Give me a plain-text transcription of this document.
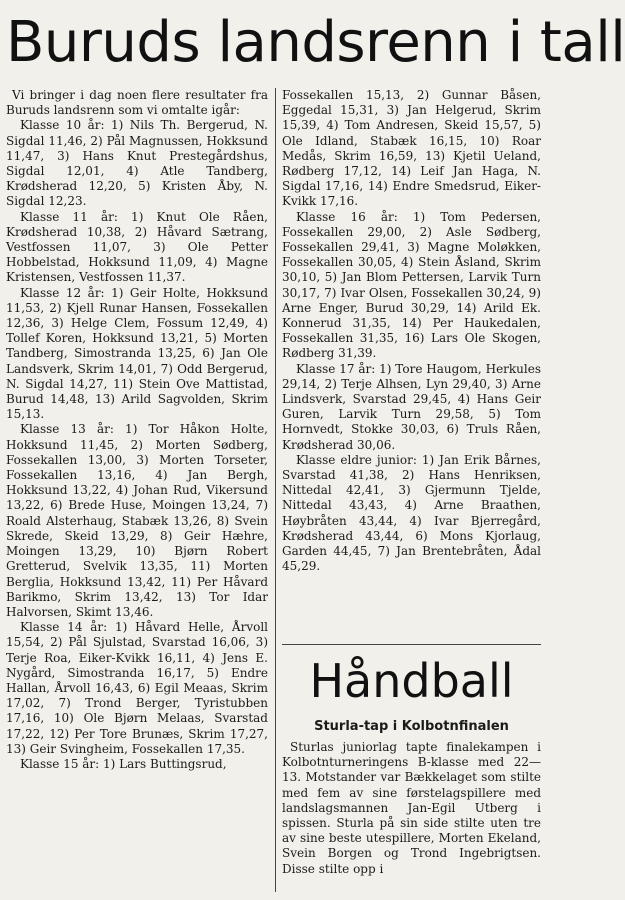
Buruds landsrenn i tall

Vi bringer i dag noen flere resultater fra Buruds landsrenn som vi omtalte igår:

Klasse 10 år: 1) Nils Th. Bergerud, N. Sigdal 11,46, 2) Pål Magnussen, Hokksund 11,47, 3) Hans Knut Prestegårdshus, Sigdal 12,01, 4) Atle Tandberg, Krødsherad 12,20, 5) Kristen Åby, N. Sigdal 12,23.

Klasse 11 år: 1) Knut Ole Råen, Krødsherad 10,38, 2) Håvard Sætrang, Vestfossen 11,07, 3) Ole Petter Hobbelstad, Hokksund 11,09, 4) Magne Kristensen, Vestfossen 11,37.

Klasse 12 år: 1) Geir Holte, Hokksund 11,53, 2) Kjell Runar Hansen, Fossekallen 12,36, 3) Helge Clem, Fossum 12,49, 4) Tollef Koren, Hokksund 13,21, 5) Morten Tandberg, Simostranda 13,25, 6) Jan Ole Landsverk, Skrim 14,01, 7) Odd Bergerud, N. Sigdal 14,27, 11) Stein Ove Mattistad, Burud 14,48, 13) Arild Sagvolden, Skrim 15,13.

Klasse 13 år: 1) Tor Håkon Holte, Hokksund 11,45, 2) Morten Sødberg, Fossekallen 13,00, 3) Morten Torseter, Fossekallen 13,16, 4) Jan Bergh, Hokksund 13,22, 4) Johan Rud, Vikersund 13,22, 6) Brede Huse, Moingen 13,24, 7) Roald Alsterhaug, Stabæk 13,26, 8) Svein Skrede, Skeid 13,29, 8) Geir Hæhre, Moingen 13,29, 10) Bjørn Robert Gretterud, Svelvik 13,35, 11) Morten Berglia, Hokksund 13,42, 11) Per Håvard Barikmo, Skrim 13,42, 13) Tor Idar Halvorsen, Skimt 13,46.

Klasse 14 år: 1) Håvard Helle, Årvoll 15,54, 2) Pål Sjulstad, Svarstad 16,06, 3) Terje Roa, Eiker-Kvikk 16,11, 4) Jens E. Nygård, Simostranda 16,17, 5) Endre Hallan, Årvoll 16,43, 6) Egil Meaas, Skrim 17,02, 7) Trond Berger, Tyristubben 17,16, 10) Ole Bjørn Melaas, Svarstad 17,22, 12) Per Tore Brunæs, Skrim 17,27, 13) Geir Svingheim, Fossekallen 17,35.

Klasse 15 år: 1) Lars Buttingsrud,

Fossekallen 15,13, 2) Gunnar Båsen, Eggedal 15,31, 3) Jan Helgerud, Skrim 15,39, 4) Tom Andresen, Skeid 15,57, 5) Ole Idland, Stabæk 16,15, 10) Roar Medås, Skrim 16,59, 13) Kjetil Ueland, Rødberg 17,12, 14) Leif Jan Haga, N. Sigdal 17,16, 14) Endre Smedsrud, Eiker-Kvikk 17,16.

Klasse 16 år: 1) Tom Pedersen, Fossekallen 29,00, 2) Asle Sødberg, Fossekallen 29,41, 3) Magne Moløkken, Fossekallen 30,05, 4) Stein Åsland, Skrim 30,10, 5) Jan Blom Pettersen, Larvik Turn 30,17, 7) Ivar Olsen, Fossekallen 30,24, 9) Arne Enger, Burud 30,29, 14) Arild Ek. Konnerud 31,35, 14) Per Haukedalen, Fossekallen 31,35, 16) Lars Ole Skogen, Rødberg 31,39.

Klasse 17 år: 1) Tore Haugom, Herkules 29,14, 2) Terje Alhsen, Lyn 29,40, 3) Arne Lindsverk, Svarstad 29,45, 4) Hans Geir Guren, Larvik Turn 29,58, 5) Tom Hornvedt, Stokke 30,03, 6) Truls Råen, Krødsherad 30,06.

Klasse eldre junior: 1) Jan Erik Bårnes, Svarstad 41,38, 2) Hans Henriksen, Nittedal 42,41, 3) Gjermunn Tjelde, Nittedal 43,43, 4) Arne Braathen, Høybråten 43,44, 4) Ivar Bjerregård, Krødsherad 43,44, 6) Mons Kjorlaug, Garden 44,45, 7) Jan Brentebråten, Ådal 45,29.

Håndball
Sturla-tap i Kolbotnfinalen

Sturlas juniorlag tapte finalekampen i Kolbotnturneringens B-klasse med 22—13. Motstander var Bækkelaget som stilte med fem av sine førstelagspillere med landslagsmannen Jan-Egil Utberg i spissen. Sturla på sin side stilte uten tre av sine beste utespillere, Morten Ekeland, Svein Borgen og Trond Ingebrigtsen. Disse stilte opp i
